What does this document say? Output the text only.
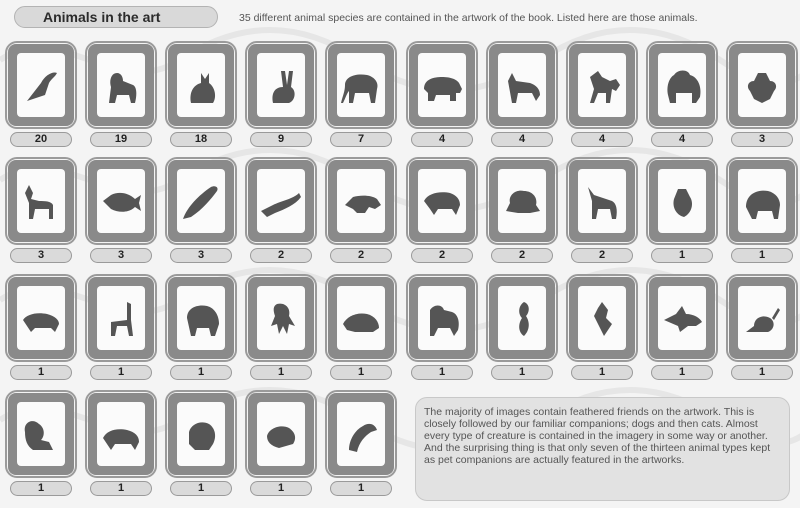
Animals in the art	35 different animal species are contained in the artwork of the book. Listed here are those animals.
20	19	18	9	7	4	4	4	4	3
3	3	3	2	2	2	2	2	1	1
1	1	1	1	1	1	1	1	1	1
1	1	1	1	1
The majority of images contain feathered friends on the artwork. This is closely followed by our familiar companions; dogs and then cats. Almost every type of creature is contained in the imagery in some way or another. And the surprising thing is that only seven of the thirteen animal types kept as pet companions are actually featured in the artworks.
